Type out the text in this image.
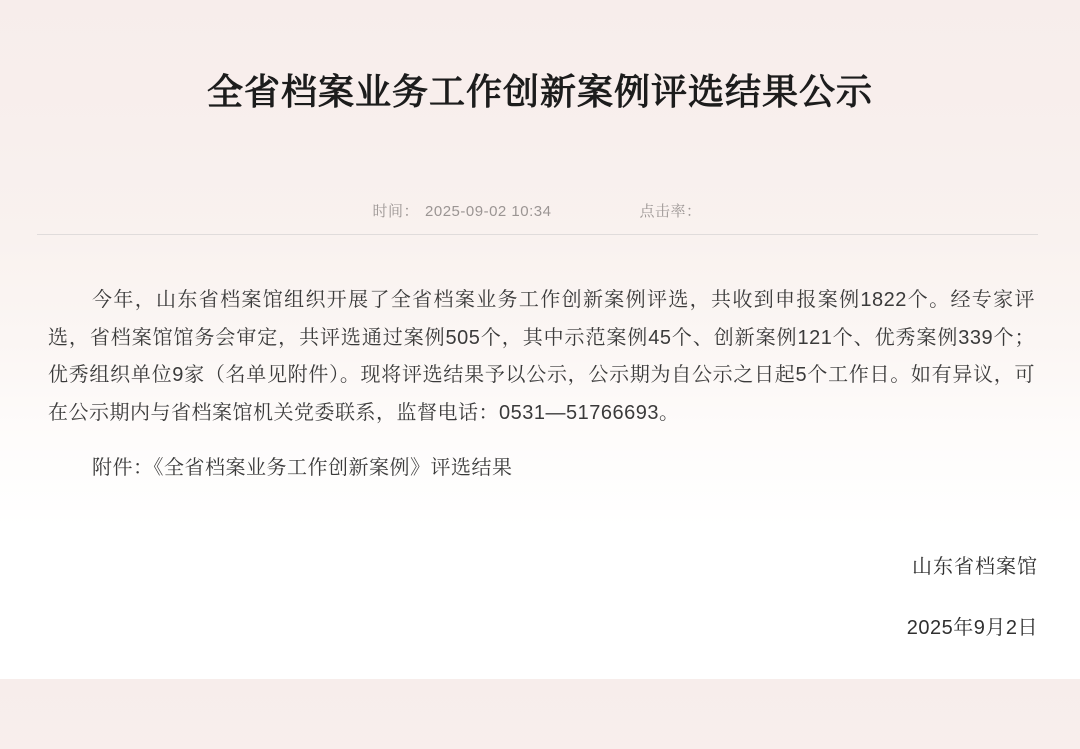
全省档案业务工作创新案例评选结果公示
时间： 2025-09-02 10:34	点击率：

今年，山东省档案馆组织开展了全省档案业务工作创新案例评选，共收到申报案例1822个。经专家评选，省档案馆馆务会审定，共评选通过案例505个，其中示范案例45个、创新案例121个、优秀案例339个；优秀组织单位9家（名单见附件）。现将评选结果予以公示，公示期为自公示之日起5个工作日。如有异议，可在公示期内与省档案馆机关党委联系，监督电话：0531—51766693。

附件：《全省档案业务工作创新案例》评选结果

山东省档案馆
2025年9月2日
